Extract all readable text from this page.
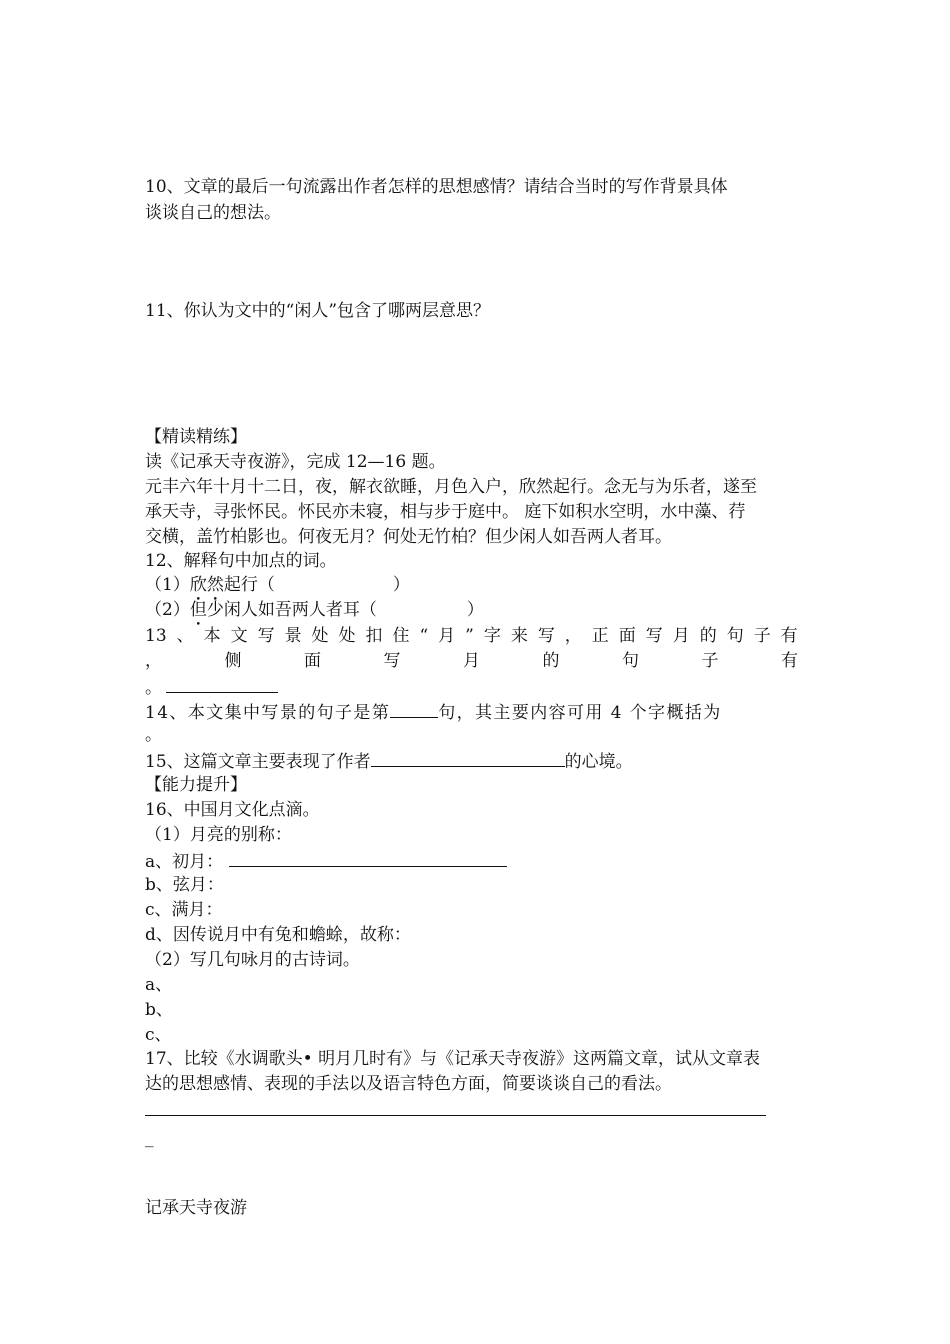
10、文章的最后一句流露出作者怎样的思想感情？请结合当时的写作背景具体
谈谈自己的想法。
11、你认为文中的“闲人”包含了哪两层意思？
【精读精练】
读《记承天寺夜游》，完成 12—16 题。
元丰六年十月十二日，夜，解衣欲睡，月色入户，欣然起行。念无与为乐者，遂至
承天寺，寻张怀民。怀民亦未寝，相与步于庭中。 庭下如积水空明，水中藻、荇
交横，盖竹柏影也。何夜无月？何处无竹柏？但少闲人如吾两人者耳。
12、解释句中加点的词。
（1）欣然起行（	）
（2）但少闲人如吾两人者耳（	）
13 、 本 文 写 景 处 处 扣 住 “ 月 ” 字 来 写 ， 正 面 写 月 的 句 子 有
，	侧	面	写	月	的	句	子	有
。
14、本文集中写景的句子是第	句，其主要内容可用 4 个字概括为
。
15、这篇文章主要表现了作者	的心境。
【能力提升】
16、中国月文化点滴。
（1）月亮的别称：
a、初月：
b、弦月：
c、满月：
d、因传说月中有兔和蟾蜍，故称：
（2）写几句咏月的古诗词。
a、
b、
c、
17、比较《水调歌头• 明月几时有》与《记承天寺夜游》这两篇文章，试从文章表
达的思想感情、表现的手法以及语言特色方面，简要谈谈自己的看法。
_
记承天寺夜游
